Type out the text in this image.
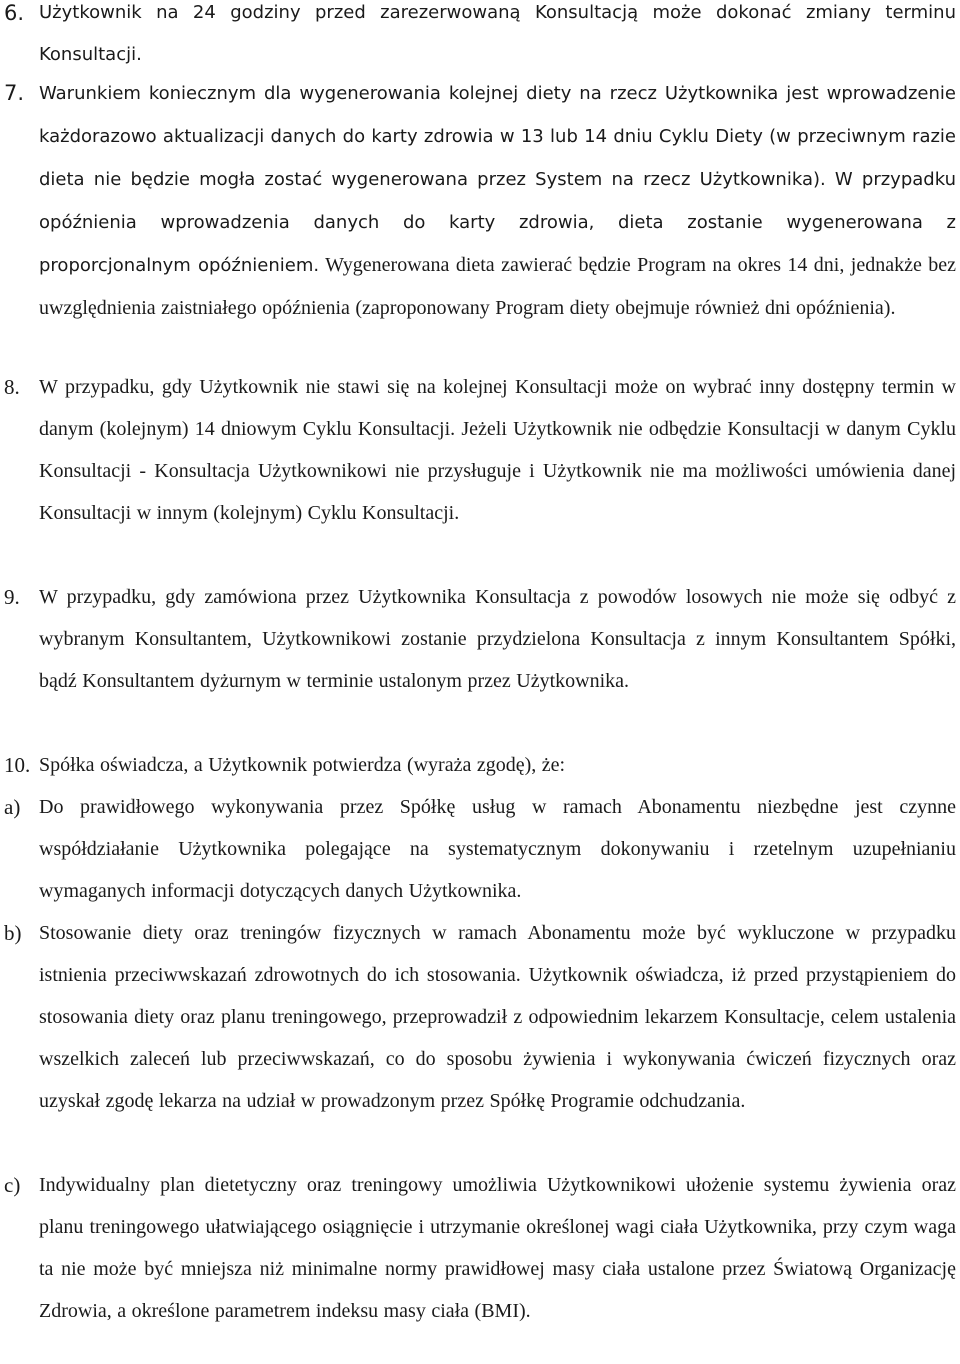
6. Użytkownik na 24 godziny przed zarezerwowaną Konsultacją może dokonać zmiany terminu Konsultacji.
7. Warunkiem koniecznym dla wygenerowania kolejnej diety na rzecz Użytkownika jest wprowadzenie każdorazowo aktualizacji danych do karty zdrowia w 13 lub 14 dniu Cyklu Diety (w przeciwnym razie dieta nie będzie mogła zostać wygenerowana przez System na rzecz Użytkownika). W przypadku opóźnienia wprowadzenia danych do karty zdrowia, dieta zostanie wygenerowana z proporcjonalnym opóźnieniem. Wygenerowana dieta zawierać będzie Program na okres 14 dni, jednakże bez uwzględnienia zaistniałego opóźnienia (zaproponowany Program diety obejmuje również dni opóźnienia).
8. W przypadku, gdy Użytkownik nie stawi się na kolejnej Konsultacji może on wybrać inny dostępny termin w danym (kolejnym) 14 dniowym Cyklu Konsultacji. Jeżeli Użytkownik nie odbędzie Konsultacji w danym Cyklu Konsultacji - Konsultacja Użytkownikowi nie przysługuje i Użytkownik nie ma możliwości umówienia danej Konsultacji w innym (kolejnym) Cyklu Konsultacji.
9. W przypadku, gdy zamówiona przez Użytkownika Konsultacja z powodów losowych nie może się odbyć z wybranym Konsultantem, Użytkownikowi zostanie przydzielona Konsultacja z innym Konsultantem Spółki, bądź Konsultantem dyżurnym w terminie ustalonym przez Użytkownika.
10. Spółka oświadcza, a Użytkownik potwierdza (wyraża zgodę), że:
a) Do prawidłowego wykonywania przez Spółkę usług w ramach Abonamentu niezbędne jest czynne współdziałanie Użytkownika polegające na systematycznym dokonywaniu i rzetelnym uzupełnianiu wymaganych informacji dotyczących danych Użytkownika.
b) Stosowanie diety oraz treningów fizycznych w ramach Abonamentu może być wykluczone w przypadku istnienia przeciwwskazań zdrowotnych do ich stosowania. Użytkownik oświadcza, iż przed przystąpieniem do stosowania diety oraz planu treningowego, przeprowadził z odpowiednim lekarzem Konsultacje, celem ustalenia wszelkich zaleceń lub przeciwwskazań, co do sposobu żywienia i wykonywania ćwiczeń fizycznych oraz uzyskał zgodę lekarza na udział w prowadzonym przez Spółkę Programie odchudzania.
c) Indywidualny plan dietetyczny oraz treningowy umożliwia Użytkownikowi ułożenie systemu żywienia oraz planu treningowego ułatwiającego osiągnięcie i utrzymanie określonej wagi ciała Użytkownika, przy czym waga ta nie może być mniejsza niż minimalne normy prawidłowej masy ciała ustalone przez Światową Organizację Zdrowia, a określone parametrem indeksu masy ciała (BMI).
